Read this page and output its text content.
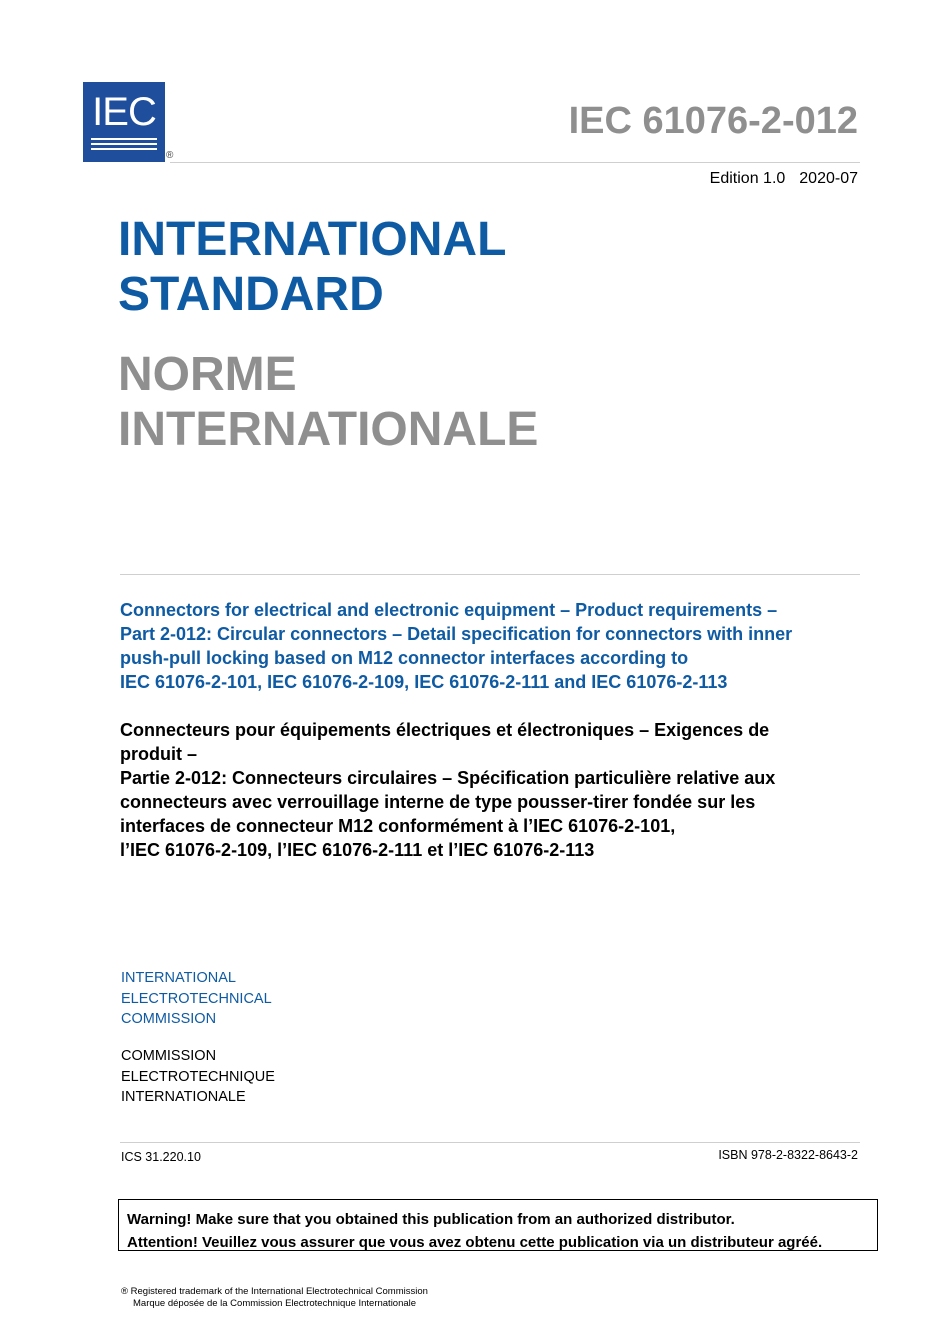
IEC
®
IEC 61076-2-012
Edition 1.0 2020-07
INTERNATIONAL
STANDARD
NORME
INTERNATIONALE
Connectors for electrical and electronic equipment – Product requirements –
Part 2-012: Circular connectors – Detail specification for connectors with inner
push-pull locking based on M12 connector interfaces according to
IEC 61076-2-101, IEC 61076-2-109, IEC 61076-2-111 and IEC 61076-2-113
Connecteurs pour équipements électriques et électroniques – Exigences de
produit –
Partie 2-012: Connecteurs circulaires – Spécification particulière relative aux
connecteurs avec verrouillage interne de type pousser-tirer fondée sur les
interfaces de connecteur M12 conformément à l’IEC 61076-2-101,
l’IEC 61076-2-109, l’IEC 61076-2-111 et l’IEC 61076-2-113
INTERNATIONAL
ELECTROTECHNICAL
COMMISSION
COMMISSION
ELECTROTECHNIQUE
INTERNATIONALE
ICS 31.220.10	ISBN 978-2-8322-8643-2
Warning! Make sure that you obtained this publication from an authorized distributor.
Attention! Veuillez vous assurer que vous avez obtenu cette publication via un distributeur agréé.
® Registered trademark of the International Electrotechnical Commission
Marque déposée de la Commission Electrotechnique Internationale
